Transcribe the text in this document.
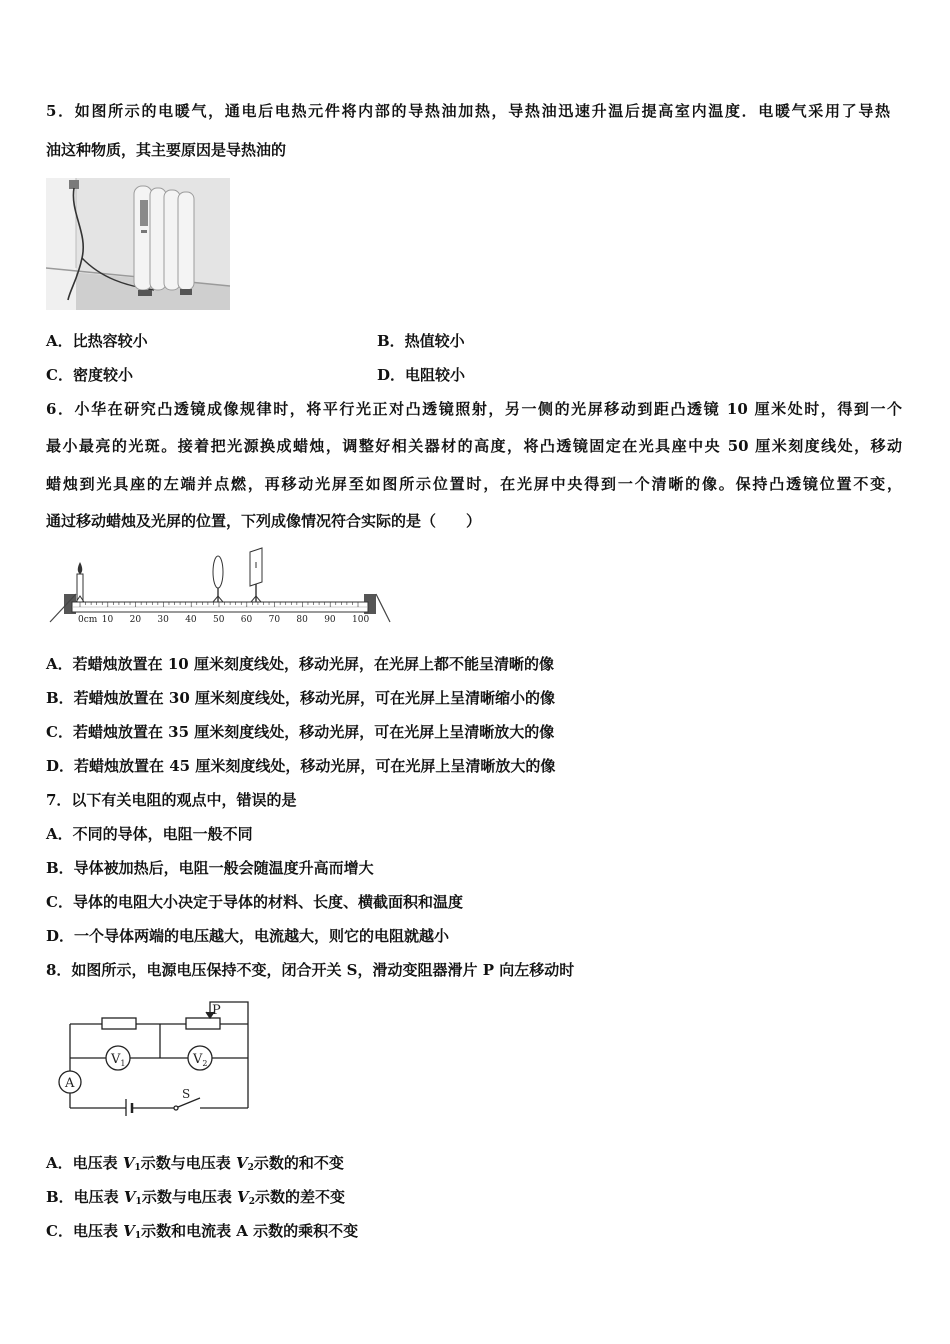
5．如图所示的电暖气，通电后电热元件将内部的导热油加热，导热油迅速升温后提高室内温度．电暖气采用了导热
油这种物质，其主要原因是导热油的
A．比热容较小	B．热值较小
C．密度较小	D．电阻较小
6．小华在研究凸透镜成像规律时，将平行光正对凸透镜照射，另一侧的光屏移动到距凸透镜 10 厘米处时，得到一个
最小最亮的光斑。接着把光源换成蜡烛，调整好相关器材的高度，将凸透镜固定在光具座中央 50 厘米刻度线处，移动
蜡烛到光具座的左端并点燃，再移动光屏至如图所示位置时，在光屏中央得到一个清晰的像。保持凸透镜位置不变，
通过移动蜡烛及光屏的位置，下列成像情况符合实际的是（　　）
0cm 10 20 30 40 50 60 70 80 90 100
A．若蜡烛放置在 10 厘米刻度线处，移动光屏，在光屏上都不能呈清晰的像
B．若蜡烛放置在 30 厘米刻度线处，移动光屏，可在光屏上呈清晰缩小的像
C．若蜡烛放置在 35 厘米刻度线处，移动光屏，可在光屏上呈清晰放大的像
D．若蜡烛放置在 45 厘米刻度线处，移动光屏，可在光屏上呈清晰放大的像
7．以下有关电阻的观点中，错误的是
A．不同的导体，电阻一般不同
B．导体被加热后，电阻一般会随温度升高而增大
C．导体的电阻大小决定于导体的材料、长度、横截面积和温度
D．一个导体两端的电压越大，电流越大，则它的电阻就越小
8．如图所示，电源电压保持不变，闭合开关 S，滑动变阻器滑片 P 向左移动时
P
S
A
$V_1$	$V_2$
A．电压表 $V_1$示数与电压表 $V_2$示数的和不变
B．电压表 $V_1$示数与电压表 $V_2$示数的差不变
C．电压表 $V_1$示数和电流表 A 示数的乘积不变
